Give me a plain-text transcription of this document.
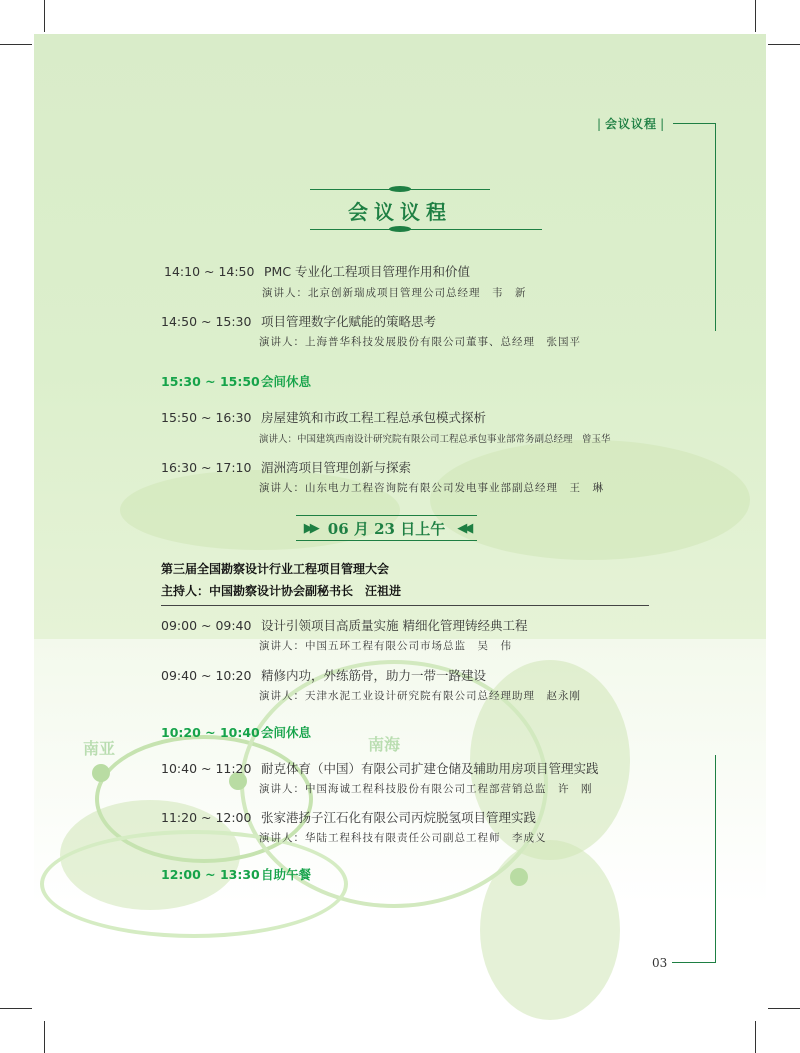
南亚	南海
| 会议议程 |
会议议程
14:10 ~ 14:50 PMC 专业化工程项目管理作用和价值
演讲人：北京创新瑞成项目管理公司总经理　韦　新
14:50 ~ 15:30 项目管理数字化赋能的策略思考
演讲人：上海普华科技发展股份有限公司董事、总经理　张国平
15:30 ~ 15:50会间休息
15:50 ~ 16:30 房屋建筑和市政工程工程总承包模式探析
演讲人：中国建筑西南设计研究院有限公司工程总承包事业部常务副总经理　曾玉华
16:30 ~ 17:10 湄洲湾项目管理创新与探索
演讲人：山东电力工程咨询院有限公司发电事业部副总经理　王　琳
▶▶ 06 月 23 日上午 ◀◀
第三届全国勘察设计行业工程项目管理大会
主持人：中国勘察设计协会副秘书长　汪祖进
09:00 ~ 09:40 设计引领项目高质量实施 精细化管理铸经典工程
演讲人：中国五环工程有限公司市场总监　吴　伟
09:40 ~ 10:20 精修内功，外练筋骨，助力一带一路建设
演讲人：天津水泥工业设计研究院有限公司总经理助理　赵永刚
10:20 ~ 10:40会间休息
10:40 ~ 11:20 耐克体育（中国）有限公司扩建仓储及辅助用房项目管理实践
演讲人：中国海诚工程科技股份有限公司工程部营销总监　许　刚
11:20 ~ 12:00 张家港扬子江石化有限公司丙烷脱氢项目管理实践
演讲人：华陆工程科技有限责任公司副总工程师　李成义
12:00 ~ 13:30自助午餐
03
